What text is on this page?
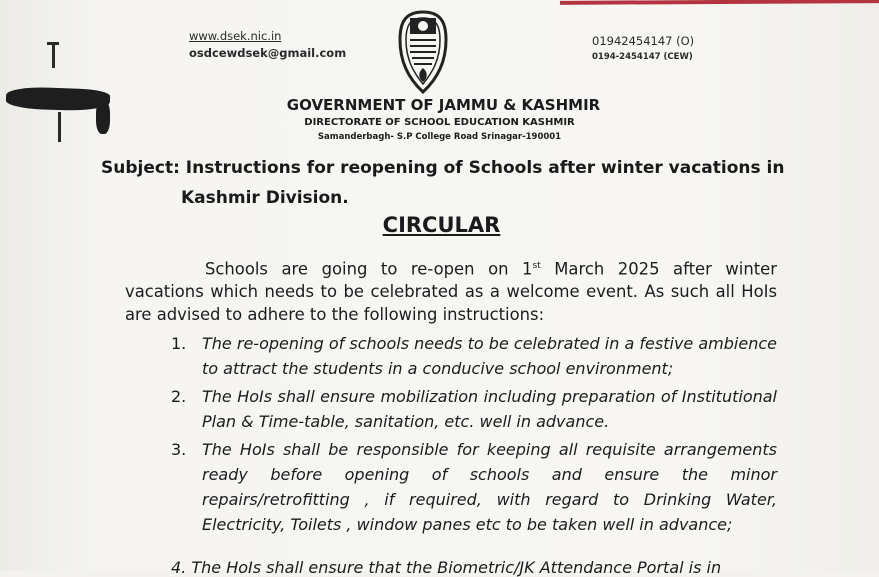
www.dsek.nic.in
osdcewdsek@gmail.com
01942454147 (O)
0194-2454147 (CEW)
GOVERNMENT OF JAMMU & KASHMIR
DIRECTORATE OF SCHOOL EDUCATION KASHMIR
Samanderbagh- S.P College Road Srinagar-190001
Subject: Instructions for reopening of Schools after winter vacations in
Kashmir Division.
CIRCULAR
Schools are going to re-open on 1st March 2025 after winter vacations which needs to be celebrated as a welcome event. As such all HoIs are advised to adhere to the following instructions:
1. The re-opening of schools needs to be celebrated in a festive ambience to attract the students in a conducive school environment;
2. The HoIs shall ensure mobilization including preparation of Institutional Plan & Time-table, sanitation, etc. well in advance.
3. The HoIs shall be responsible for keeping all requisite arrangements ready before opening of schools and ensure the minor repairs/retrofitting , if required, with regard to Drinking Water, Electricity, Toilets , window panes etc to be taken well in advance;
4. The HoIs shall ensure that the Biometric/JK Attendance Portal is in
